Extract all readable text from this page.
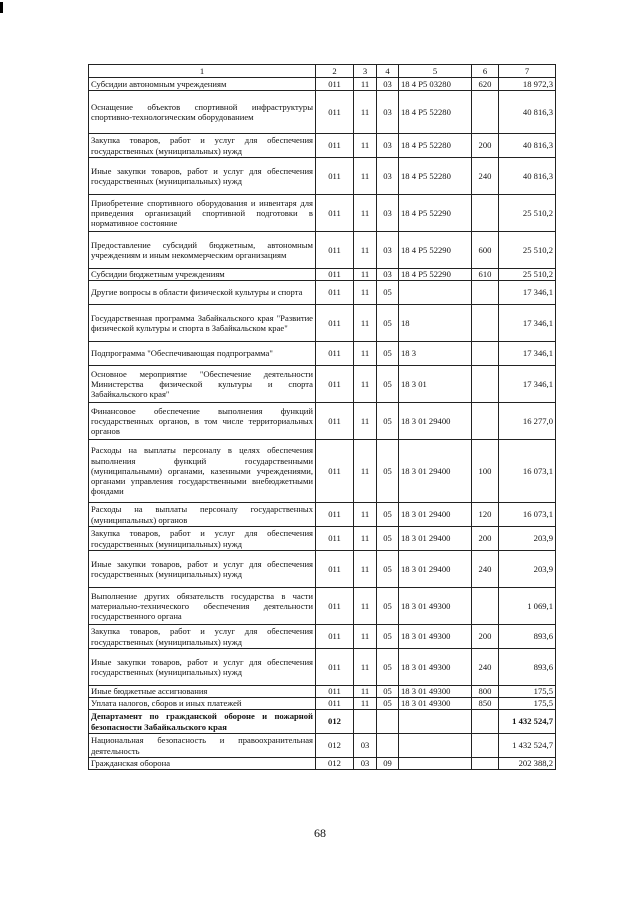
1	2	3	4	5	6	7
Субсидии автономным учреждениям	011	11	03	18 4 Р5 03280	620	18 972,3
Оснащение объектов спортивной инфраструктуры спортивно-технологическим оборудованием	011	11	03	18 4 Р5 52280		40 816,3
Закупка товаров, работ и услуг для обеспечения государственных (муниципальных) нужд	011	11	03	18 4 Р5 52280	200	40 816,3
Иные закупки товаров, работ и услуг для обеспечения государственных (муниципальных) нужд	011	11	03	18 4 Р5 52280	240	40 816,3
Приобретение спортивного оборудования и инвентаря для приведения организаций спортивной подготовки в нормативное состояние	011	11	03	18 4 Р5 52290		25 510,2
Предоставление субсидий бюджетным, автономным учреждениям и иным некоммерческим организациям	011	11	03	18 4 Р5 52290	600	25 510,2
Субсидии бюджетным учреждениям	011	11	03	18 4 Р5 52290	610	25 510,2
Другие вопросы в области физической культуры и спорта	011	11	05			17 346,1
Государственная программа Забайкальского края "Развитие физической культуры и спорта в Забайкальском крае"	011	11	05	18		17 346,1
Подпрограмма "Обеспечивающая подпрограмма"	011	11	05	18 3		17 346,1
Основное мероприятие "Обеспечение деятельности Министерства физической культуры и спорта Забайкальского края"	011	11	05	18 3 01		17 346,1
Финансовое обеспечение выполнения функций государственных органов, в том числе территориальных органов	011	11	05	18 3 01 29400		16 277,0
Расходы на выплаты персоналу в целях обеспечения выполнения функций государственными (муниципальными) органами, казенными учреждениями, органами управления государственными внебюджетными фондами	011	11	05	18 3 01 29400	100	16 073,1
Расходы на выплаты персоналу государственных (муниципальных) органов	011	11	05	18 3 01 29400	120	16 073,1
Закупка товаров, работ и услуг для обеспечения государственных (муниципальных) нужд	011	11	05	18 3 01 29400	200	203,9
Иные закупки товаров, работ и услуг для обеспечения государственных (муниципальных) нужд	011	11	05	18 3 01 29400	240	203,9
Выполнение других обязательств государства в части материально-технического обеспечения деятельности государственного органа	011	11	05	18 3 01 49300		1 069,1
Закупка товаров, работ и услуг для обеспечения государственных (муниципальных) нужд	011	11	05	18 3 01 49300	200	893,6
Иные закупки товаров, работ и услуг для обеспечения государственных (муниципальных) нужд	011	11	05	18 3 01 49300	240	893,6
Иные бюджетные ассигнования	011	11	05	18 3 01 49300	800	175,5
Уплата налогов, сборов и иных платежей	011	11	05	18 3 01 49300	850	175,5
Департамент по гражданской обороне и пожарной безопасности Забайкальского края	012					1 432 524,7
Национальная безопасность и правоохранительная деятельность	012	03				1 432 524,7
Гражданская оборона	012	03	09			202 388,2
68
